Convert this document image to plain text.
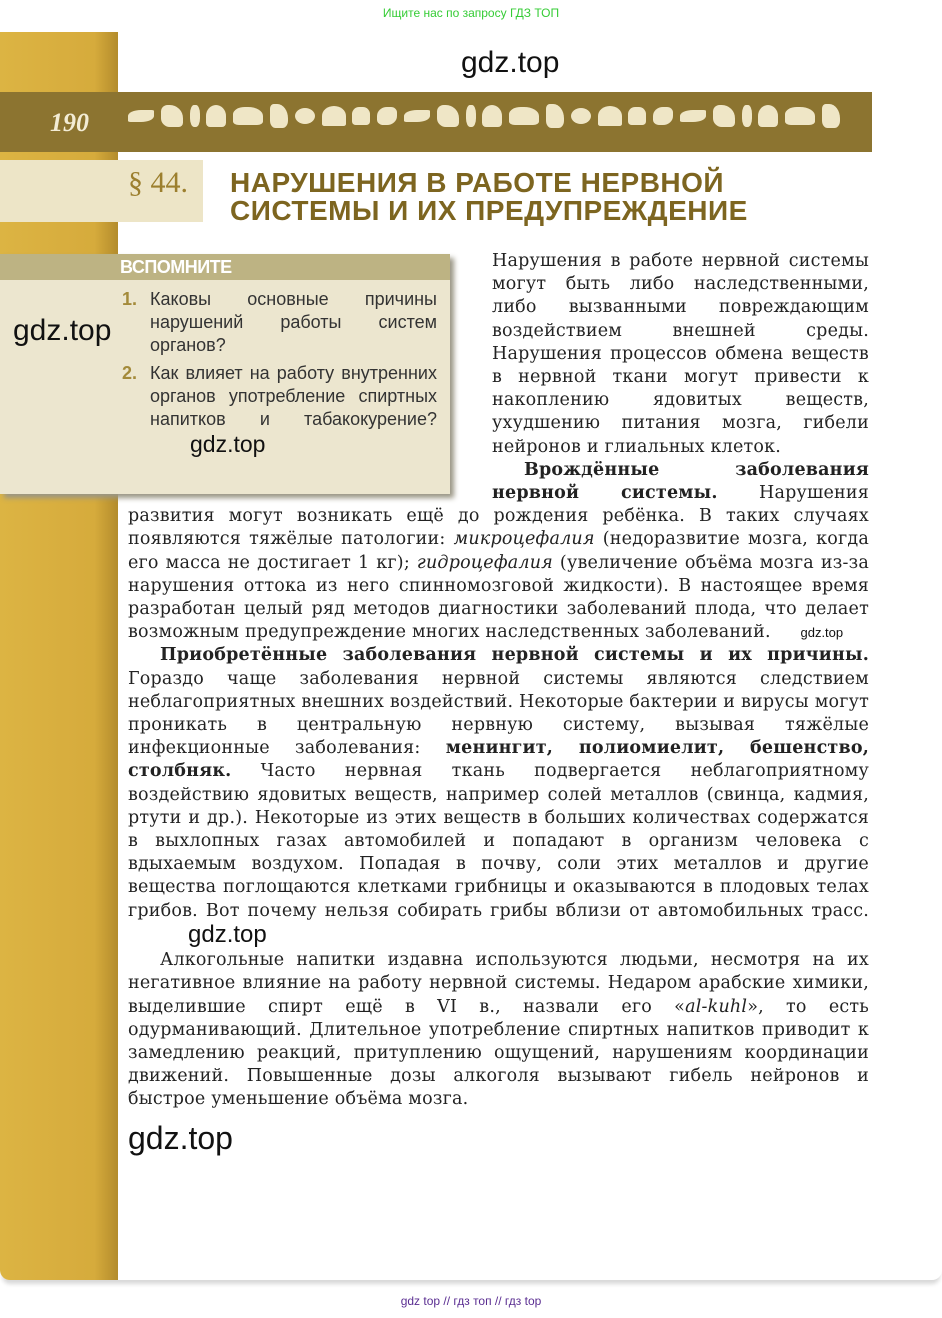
Ищите нас по запросу ГДЗ ТОП
190
§ 44. НАРУШЕНИЯ В РАБОТЕ НЕРВНОЙ
СИСТЕМЫ И ИХ ПРЕДУПРЕЖДЕНИЕ
ВСПОМНИТЕ
1. Каковы основные причины нарушений работы систем органов?
2. Как влияет на работу внутренних органов употребление спиртных напитков и табакокурение? gdz.top

Нарушения в работе нервной системы могут быть либо наследственными, либо вызванными повреждающим воздействием внешней среды. Нарушения процессов обмена веществ в нервной ткани могут привести к накоплению ядовитых веществ, ухудшению питания мозга, гибели нейронов и глиальных клеток.

Врождённые заболевания нервной системы. Нарушения развития могут возникать ещё до рождения ребёнка. В таких случаях появляются тяжёлые патологии: микроцефалия (недоразвитие мозга, когда его масса не достигает 1 кг); гидроцефалия (увеличение объёма мозга из-за нарушения оттока из него спинномозговой жидкости). В настоящее время разработан целый ряд методов диагностики заболеваний плода, что делает возможным предупреждение многих наследственных заболеваний. gdz.top

Приобретённые заболевания нервной системы и их причины. Гораздо чаще заболевания нервной системы являются следствием неблагоприятных внешних воздействий. Некоторые бактерии и вирусы могут проникать в центральную нервную систему, вызывая тяжёлые инфекционные заболевания: менингит, полиомиелит, бешенство, столбняк. Часто нервная ткань подвергается неблагоприятному воздействию ядовитых веществ, например солей металлов (свинца, кадмия, ртути и др.). Некоторые из этих веществ в больших количествах содержатся в выхлопных газах автомобилей и попадают в организм человека с вдыхаемым воздухом. Попадая в почву, соли этих металлов и другие вещества поглощаются клетками грибницы и оказываются в плодовых телах грибов. Вот почему нельзя собирать грибы вблизи от автомобильных трасс. gdz.top

Алкогольные напитки издавна используются людьми, несмотря на их негативное влияние на работу нервной системы. Недаром арабские химики, выделившие спирт ещё в VI в., назвали его «al-kuhl», то есть одурманивающий. Длительное употребление спиртных напитков приводит к замедлению реакций, притуплению ощущений, нарушениям координации движений. Повышенные дозы алкоголя вызывают гибель нейронов и быстрое уменьшение объёма мозга.

gdz.top
gdz.top
gdz.top
gdz top // гдз топ // гдз top
